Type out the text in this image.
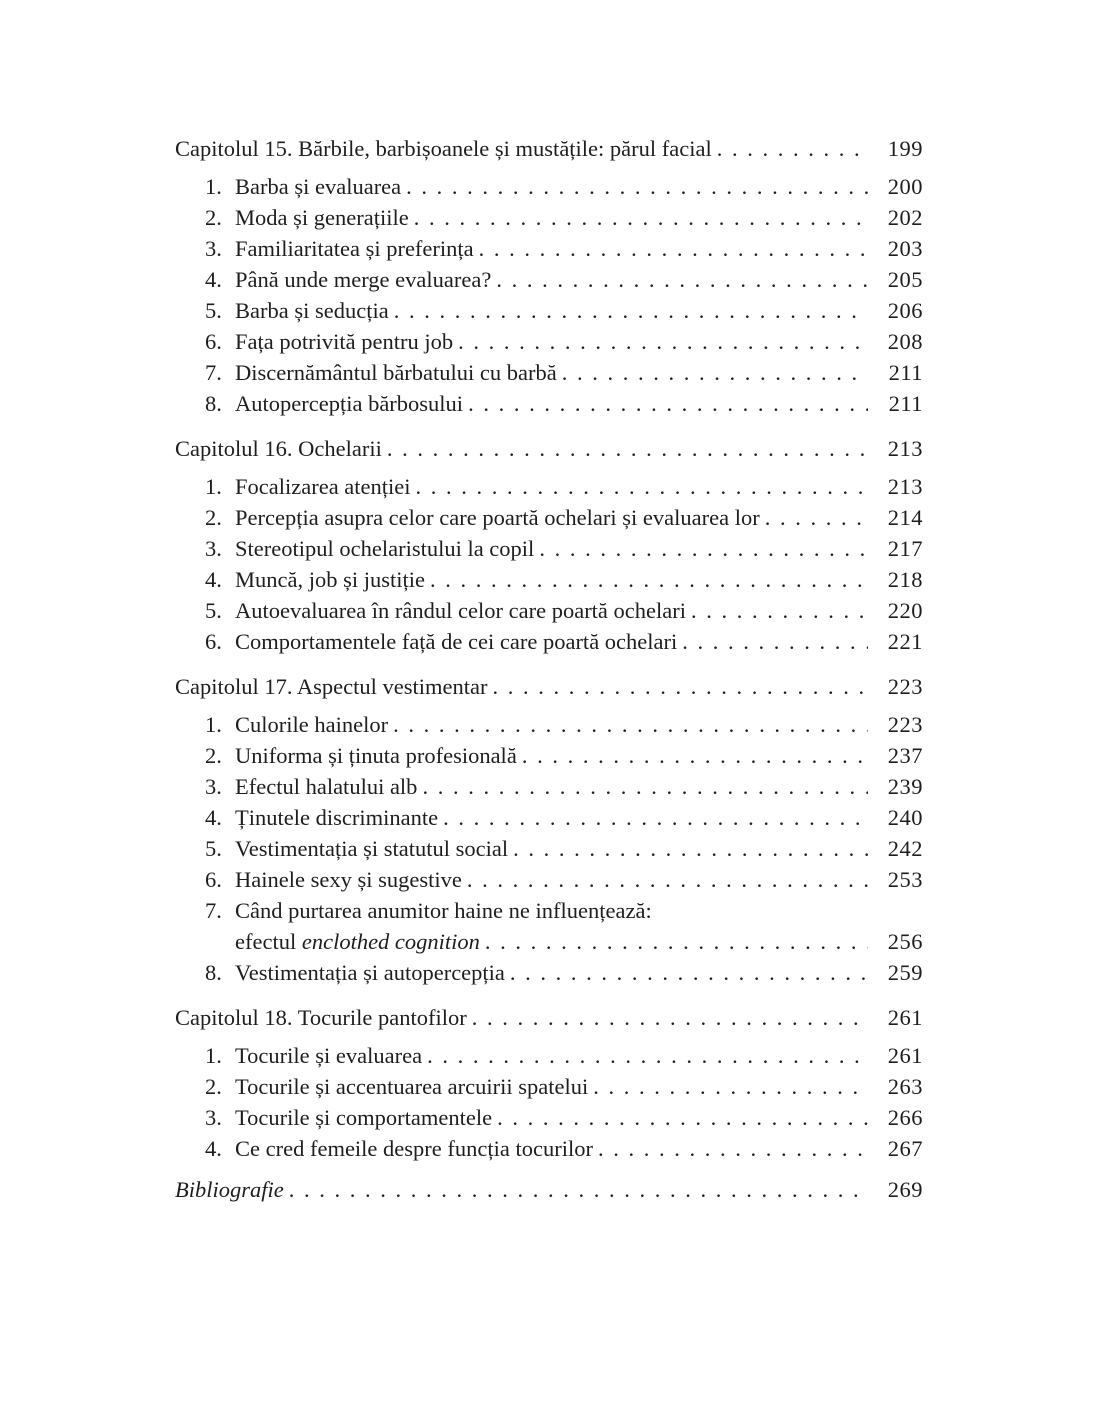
Capitolul 15. Bărbile, barbișoanele și mustățile: părul facial . . .	199
1. Barba și evaluarea . . .	200
2. Moda și generațiile . . .	202
3. Familiaritatea și preferința . . .	203
4. Până unde merge evaluarea? . . .	205
5. Barba și seducția . . .	206
6. Fața potrivită pentru job . . .	208
7. Discernământul bărbatului cu barbă . . .	211
8. Autopercepția bărbosului . . .	211
Capitolul 16. Ochelarii . . .	213
1. Focalizarea atenției . . .	213
2. Percepția asupra celor care poartă ochelari și evaluarea lor . . .	214
3. Stereotipul ochelaristului la copil . . .	217
4. Muncă, job și justiție . . .	218
5. Autoevaluarea în rândul celor care poartă ochelari . . .	220
6. Comportamentele față de cei care poartă ochelari . . .	221
Capitolul 17. Aspectul vestimentar . . .	223
1. Culorile hainelor . . .	223
2. Uniforma și ținuta profesională . . .	237
3. Efectul halatului alb . . .	239
4. Ținutele discriminante . . .	240
5. Vestimentația și statutul social . . .	242
6. Hainele sexy și sugestive . . .	253
7. Când purtarea anumitor haine ne influențează:
efectul enclothed cognition . . .	256
8. Vestimentația și autopercepția . . .	259
Capitolul 18. Tocurile pantofilor . . .	261
1. Tocurile și evaluarea . . .	261
2. Tocurile și accentuarea arcuirii spatelui . . .	263
3. Tocurile și comportamentele . . .	266
4. Ce cred femeile despre funcția tocurilor . . .	267
Bibliografie . . .	269
